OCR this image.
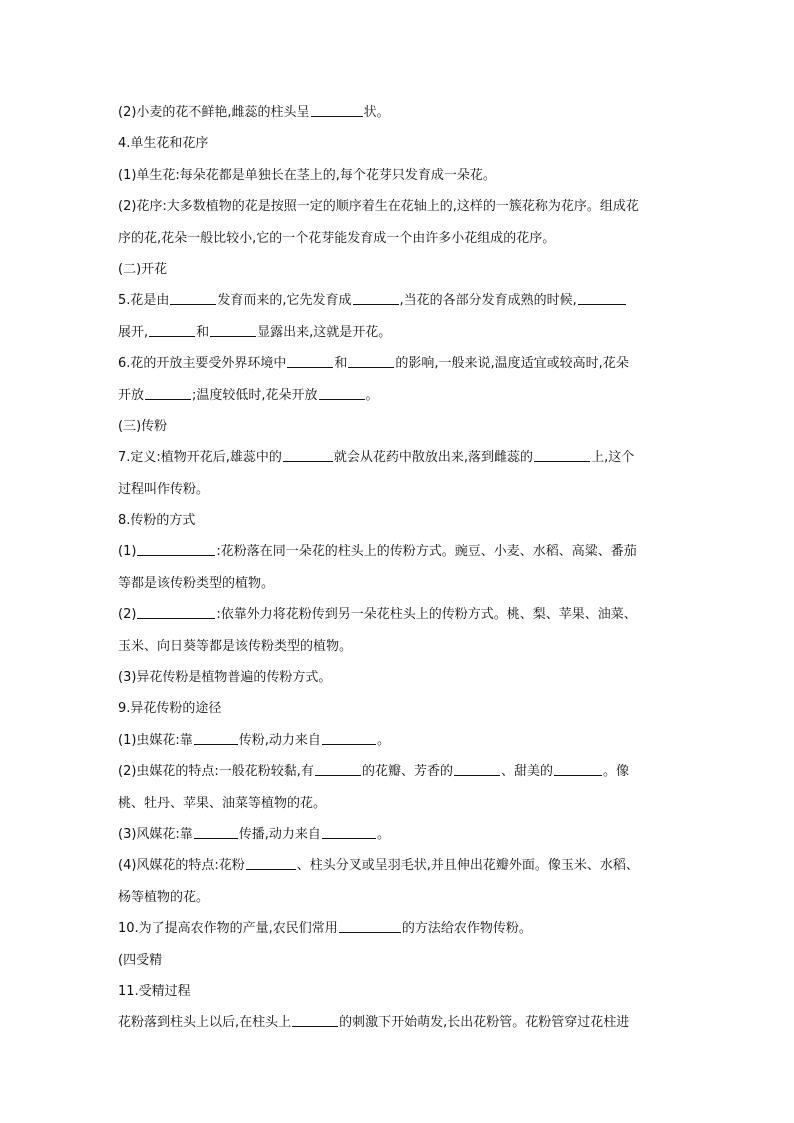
(2)小麦的花不鲜艳,雌蕊的柱头呈	状。
4.单生花和花序
(1)单生花:每朵花都是单独长在茎上的,每个花芽只发育成一朵花。
(2)花序:大多数植物的花是按照一定的顺序着生在花轴上的,这样的一簇花称为花序。组成花
序的花,花朵一般比较小,它的一个花芽能发育成一个由许多小花组成的花序。
(二)开花
5.花是由	发育而来的,它先发育成	,当花的各部分发育成熟的时候,
展开,	和	显露出来,这就是开花。
6.花的开放主要受外界环境中	和	的影响,一般来说,温度适宜或较高时,花朵
开放	;温度较低时,花朵开放	。
(三)传粉
7.定义:植物开花后,雄蕊中的	就会从花药中散放出来,落到雌蕊的	上,这个
过程叫作传粉。
8.传粉的方式
(1)	:花粉落在同一朵花的柱头上的传粉方式。豌豆、小麦、水稻、高粱、番茄
等都是该传粉类型的植物。
(2)	:依靠外力将花粉传到另一朵花柱头上的传粉方式。桃、梨、苹果、油菜、
玉米、向日葵等都是该传粉类型的植物。
(3)异花传粉是植物普遍的传粉方式。
9.异花传粉的途径
(1)虫媒花:靠	传粉,动力来自	。
(2)虫媒花的特点:一般花粉较黏,有	的花瓣、芳香的	、甜美的	。像
桃、牡丹、苹果、油菜等植物的花。
(3)风媒花:靠	传播,动力来自	。
(4)风媒花的特点:花粉	、柱头分叉或呈羽毛状,并且伸出花瓣外面。像玉米、水稻、
杨等植物的花。
10.为了提高农作物的产量,农民们常用	的方法给农作物传粉。
(四受精
11.受精过程
花粉落到柱头上以后,在柱头上	的刺激下开始萌发,长出花粉管。花粉管穿过花柱进
